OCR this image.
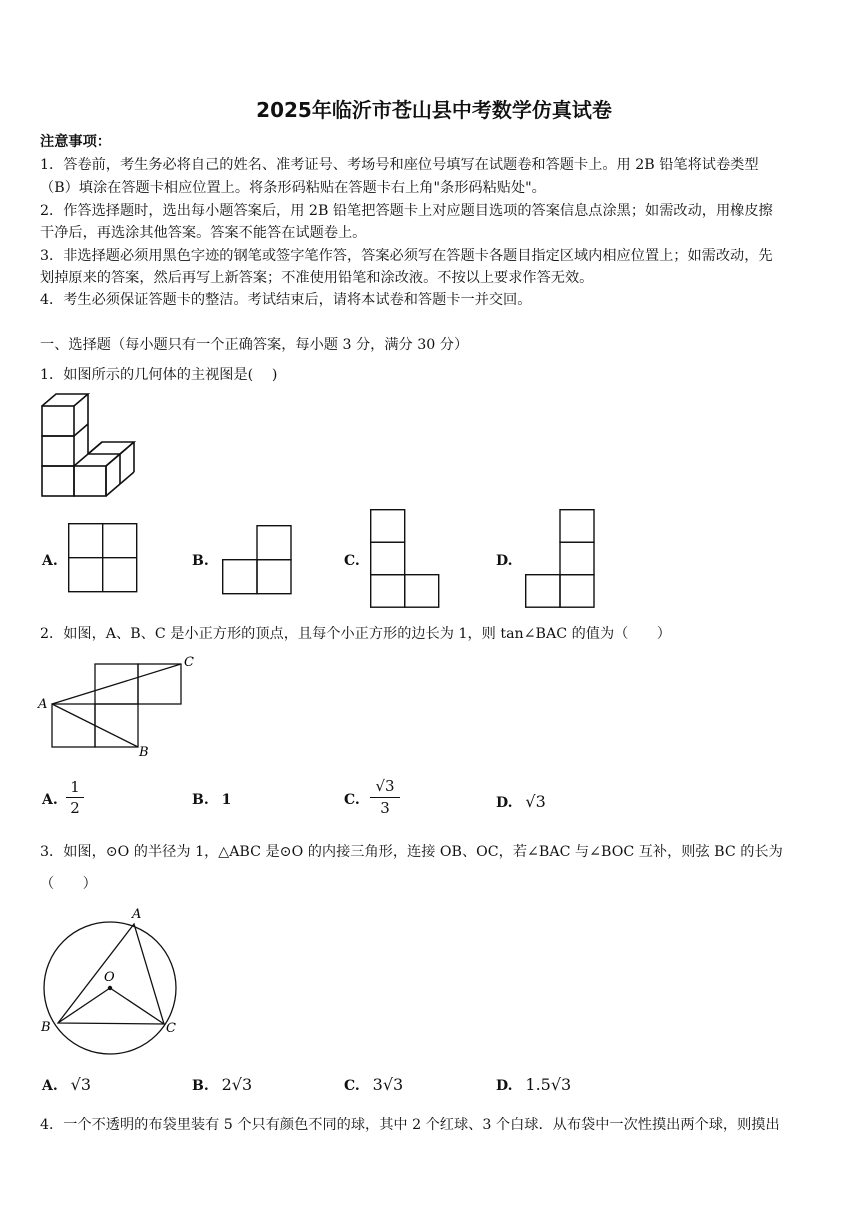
2025年临沂市苍山县中考数学仿真试卷
注意事项：
1．答卷前，考生务必将自己的姓名、准考证号、考场号和座位号填写在试题卷和答题卡上。用 2B 铅笔将试卷类型
（B）填涂在答题卡相应位置上。将条形码粘贴在答题卡右上角"条形码粘贴处"。
2．作答选择题时，选出每小题答案后，用 2B 铅笔把答题卡上对应题目选项的答案信息点涂黑；如需改动，用橡皮擦
干净后，再选涂其他答案。答案不能答在试题卷上。
3．非选择题必须用黑色字迹的钢笔或签字笔作答，答案必须写在答题卡各题目指定区域内相应位置上；如需改动，先
划掉原来的答案，然后再写上新答案；不准使用铅笔和涂改液。不按以上要求作答无效。
4．考生必须保证答题卡的整洁。考试结束后，请将本试卷和答题卡一并交回。
一、选择题（每小题只有一个正确答案，每小题 3 分，满分 30 分）
1．如图所示的几何体的主视图是(　 )
A.	B.	C.	D.
2．如图，A、B、C 是小正方形的顶点，且每个小正方形的边长为 1，则 tan∠BAC 的值为（　　）
A
B
C
A.
1
2	B. 1	C.
√3
3	D. √3
3．如图，⊙O 的半径为 1，△ABC 是⊙O 的内接三角形，连接 OB、OC，若∠BAC 与∠BOC 互补，则弦 BC 的长为
（　　）
A
B	C
O
A. √3	B. 2√3	C. 3√3	D. 1.5√3
4．一个不透明的布袋里装有 5 个只有颜色不同的球，其中 2 个红球、3 个白球．从布袋中一次性摸出两个球，则摸出
